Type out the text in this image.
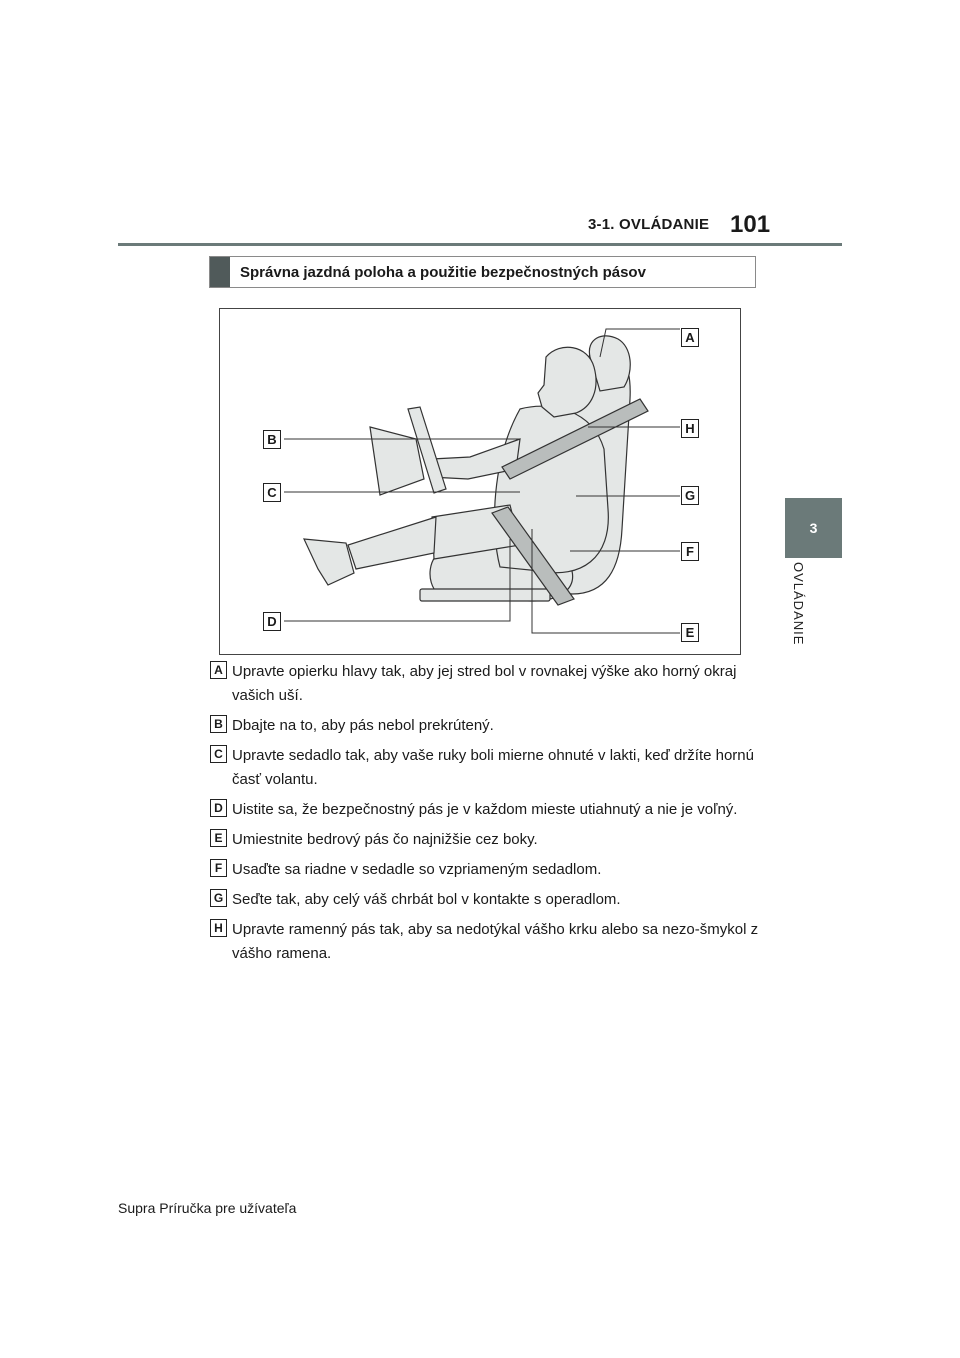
3-1. OVLÁDANIE 101
3
OVLÁDANIE
Správna jazdná poloha a použitie bezpečnostných pásov
A
B
C
D
E
F
G
H
A Upravte opierku hlavy tak, aby jej stred bol v rovnakej výške ako horný okraj vašich uší.
B Dbajte na to, aby pás nebol prekrútený.
C Upravte sedadlo tak, aby vaše ruky boli mierne ohnuté v lakti, keď držíte hornú časť volantu.
D Uistite sa, že bezpečnostný pás je v každom mieste utiahnutý a nie je voľný.
E Umiestnite bedrový pás čo najnižšie cez boky.
F Usaďte sa riadne v sedadle so vzpriameným sedadlom.
G Seďte tak, aby celý váš chrbát bol v kontakte s operadlom.
H Upravte ramenný pás tak, aby sa nedotýkal vášho krku alebo sa nezo-šmykol z vášho ramena.
Supra Príručka pre užívateľa
